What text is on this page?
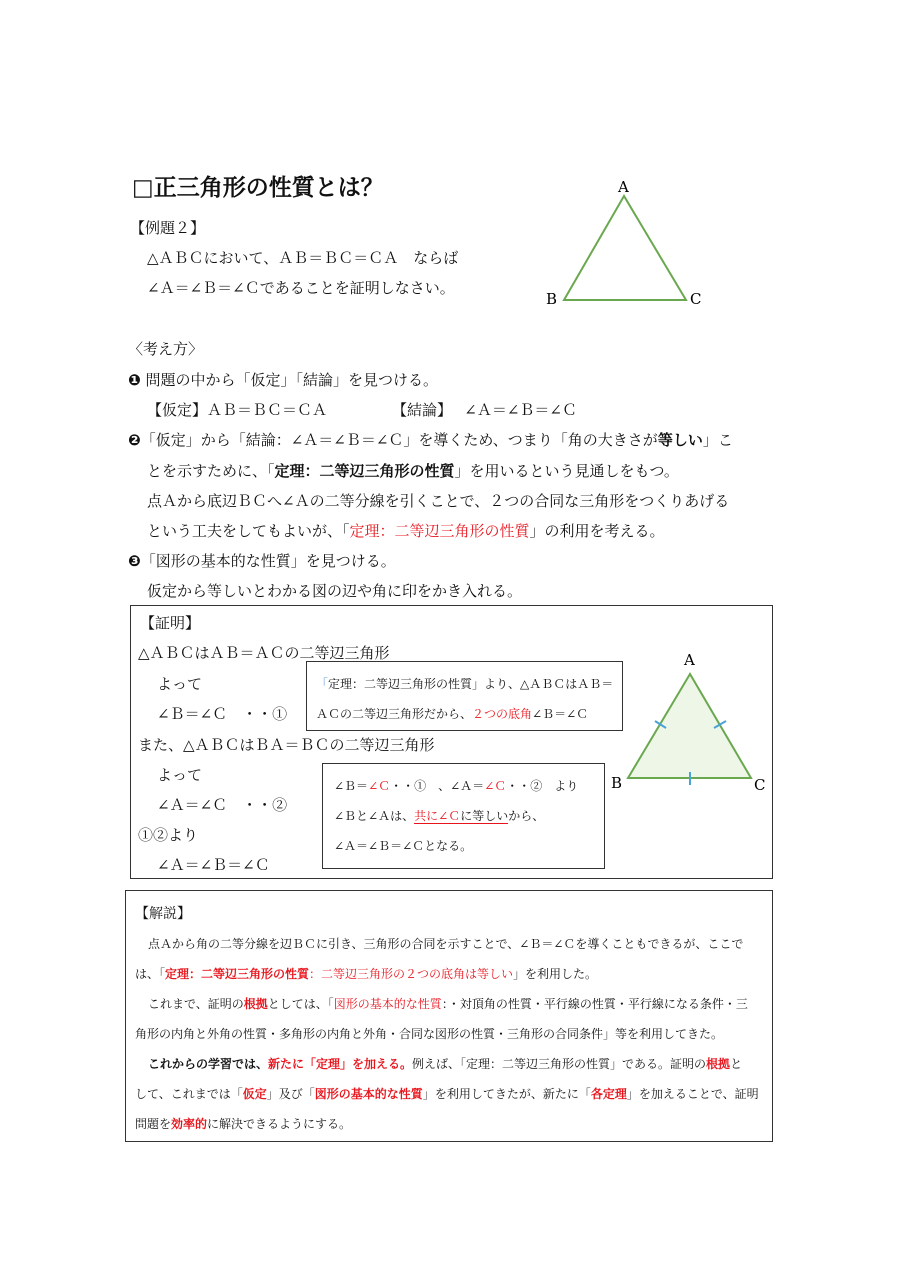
□正三角形の性質とは？
【例題２】
△ＡＢＣにおいて、ＡＢ＝ＢＣ＝ＣＡ　ならば
∠Ａ＝∠Ｂ＝∠Ｃであることを証明しなさい。
A
B	C
〈考え方〉
❶ 問題の中から「仮定」「結論」を見つける。
【仮定】ＡＢ＝ＢＣ＝ＣＡ	【結論】　 ∠Ａ＝∠Ｂ＝∠Ｃ
❷「仮定」から「結論：∠Ａ＝∠Ｂ＝∠Ｃ」を導くため、つまり「角の大きさが等しい」こ
とを示すために、「定理：二等辺三角形の性質」を用いるという見通しをもつ。
点Ａから底辺ＢＣへ∠Ａの二等分線を引くことで、２つの合同な三角形をつくりあげる
という工夫をしてもよいが、「定理：二等辺三角形の性質」の利用を考える。
❸「図形の基本的な性質」を見つける。
仮定から等しいとわかる図の辺や角に印をかき入れる。
【証明】
△ＡＢＣはＡＢ＝ＡＣの二等辺三角形
よって
∠Ｂ＝∠Ｃ　・・①
また、△ＡＢＣはＢＡ＝ＢＣの二等辺三角形
よって
∠Ａ＝∠Ｃ　・・②
①②より
∠Ａ＝∠Ｂ＝∠Ｃ
「定理：二等辺三角形の性質」より、△ＡＢＣはＡＢ＝
ＡＣの二等辺三角形だから、２つの底角∠Ｂ＝∠Ｃ
∠Ｂ＝∠Ｃ・・①　、∠Ａ＝∠Ｃ・・②　より
∠Ｂと∠Ａは、共に∠Ｃに等しいから、
∠Ａ＝∠Ｂ＝∠Ｃとなる。
A
B	C
【解説】
点Ａから角の二等分線を辺ＢＣに引き、三角形の合同を示すことで、∠Ｂ＝∠Ｃを導くこともできるが、ここで
は、「定理：二等辺三角形の性質：二等辺三角形の２つの底角は等しい」を利用した。
これまで、証明の根拠としては、「図形の基本的な性質：・対頂角の性質・平行線の性質・平行線になる条件・三
角形の内角と外角の性質・多角形の内角と外角・合同な図形の性質・三角形の合同条件」等を利用してきた。
これからの学習では、新たに「定理」を加える。例えば、「定理：二等辺三角形の性質」である。証明の根拠と
して、これまでは「仮定」及び「図形の基本的な性質」を利用してきたが、新たに「各定理」を加えることで、証明
問題を効率的に解決できるようにする。
